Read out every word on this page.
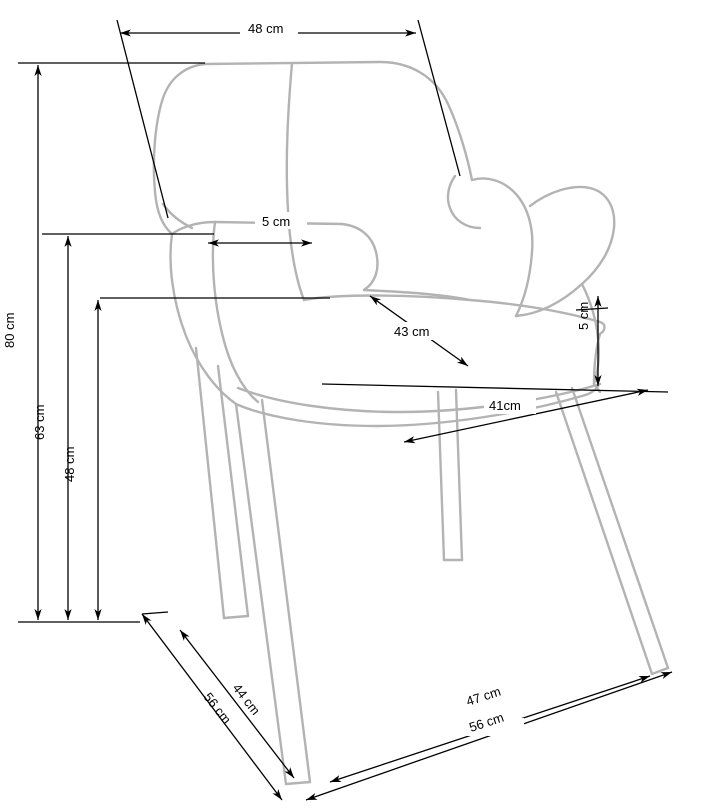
48 cm
5 cm
80 cm
63 cm
48 cm
43 cm
41cm
5 cm
44 cm
56 cm	47 cm
56 cm
